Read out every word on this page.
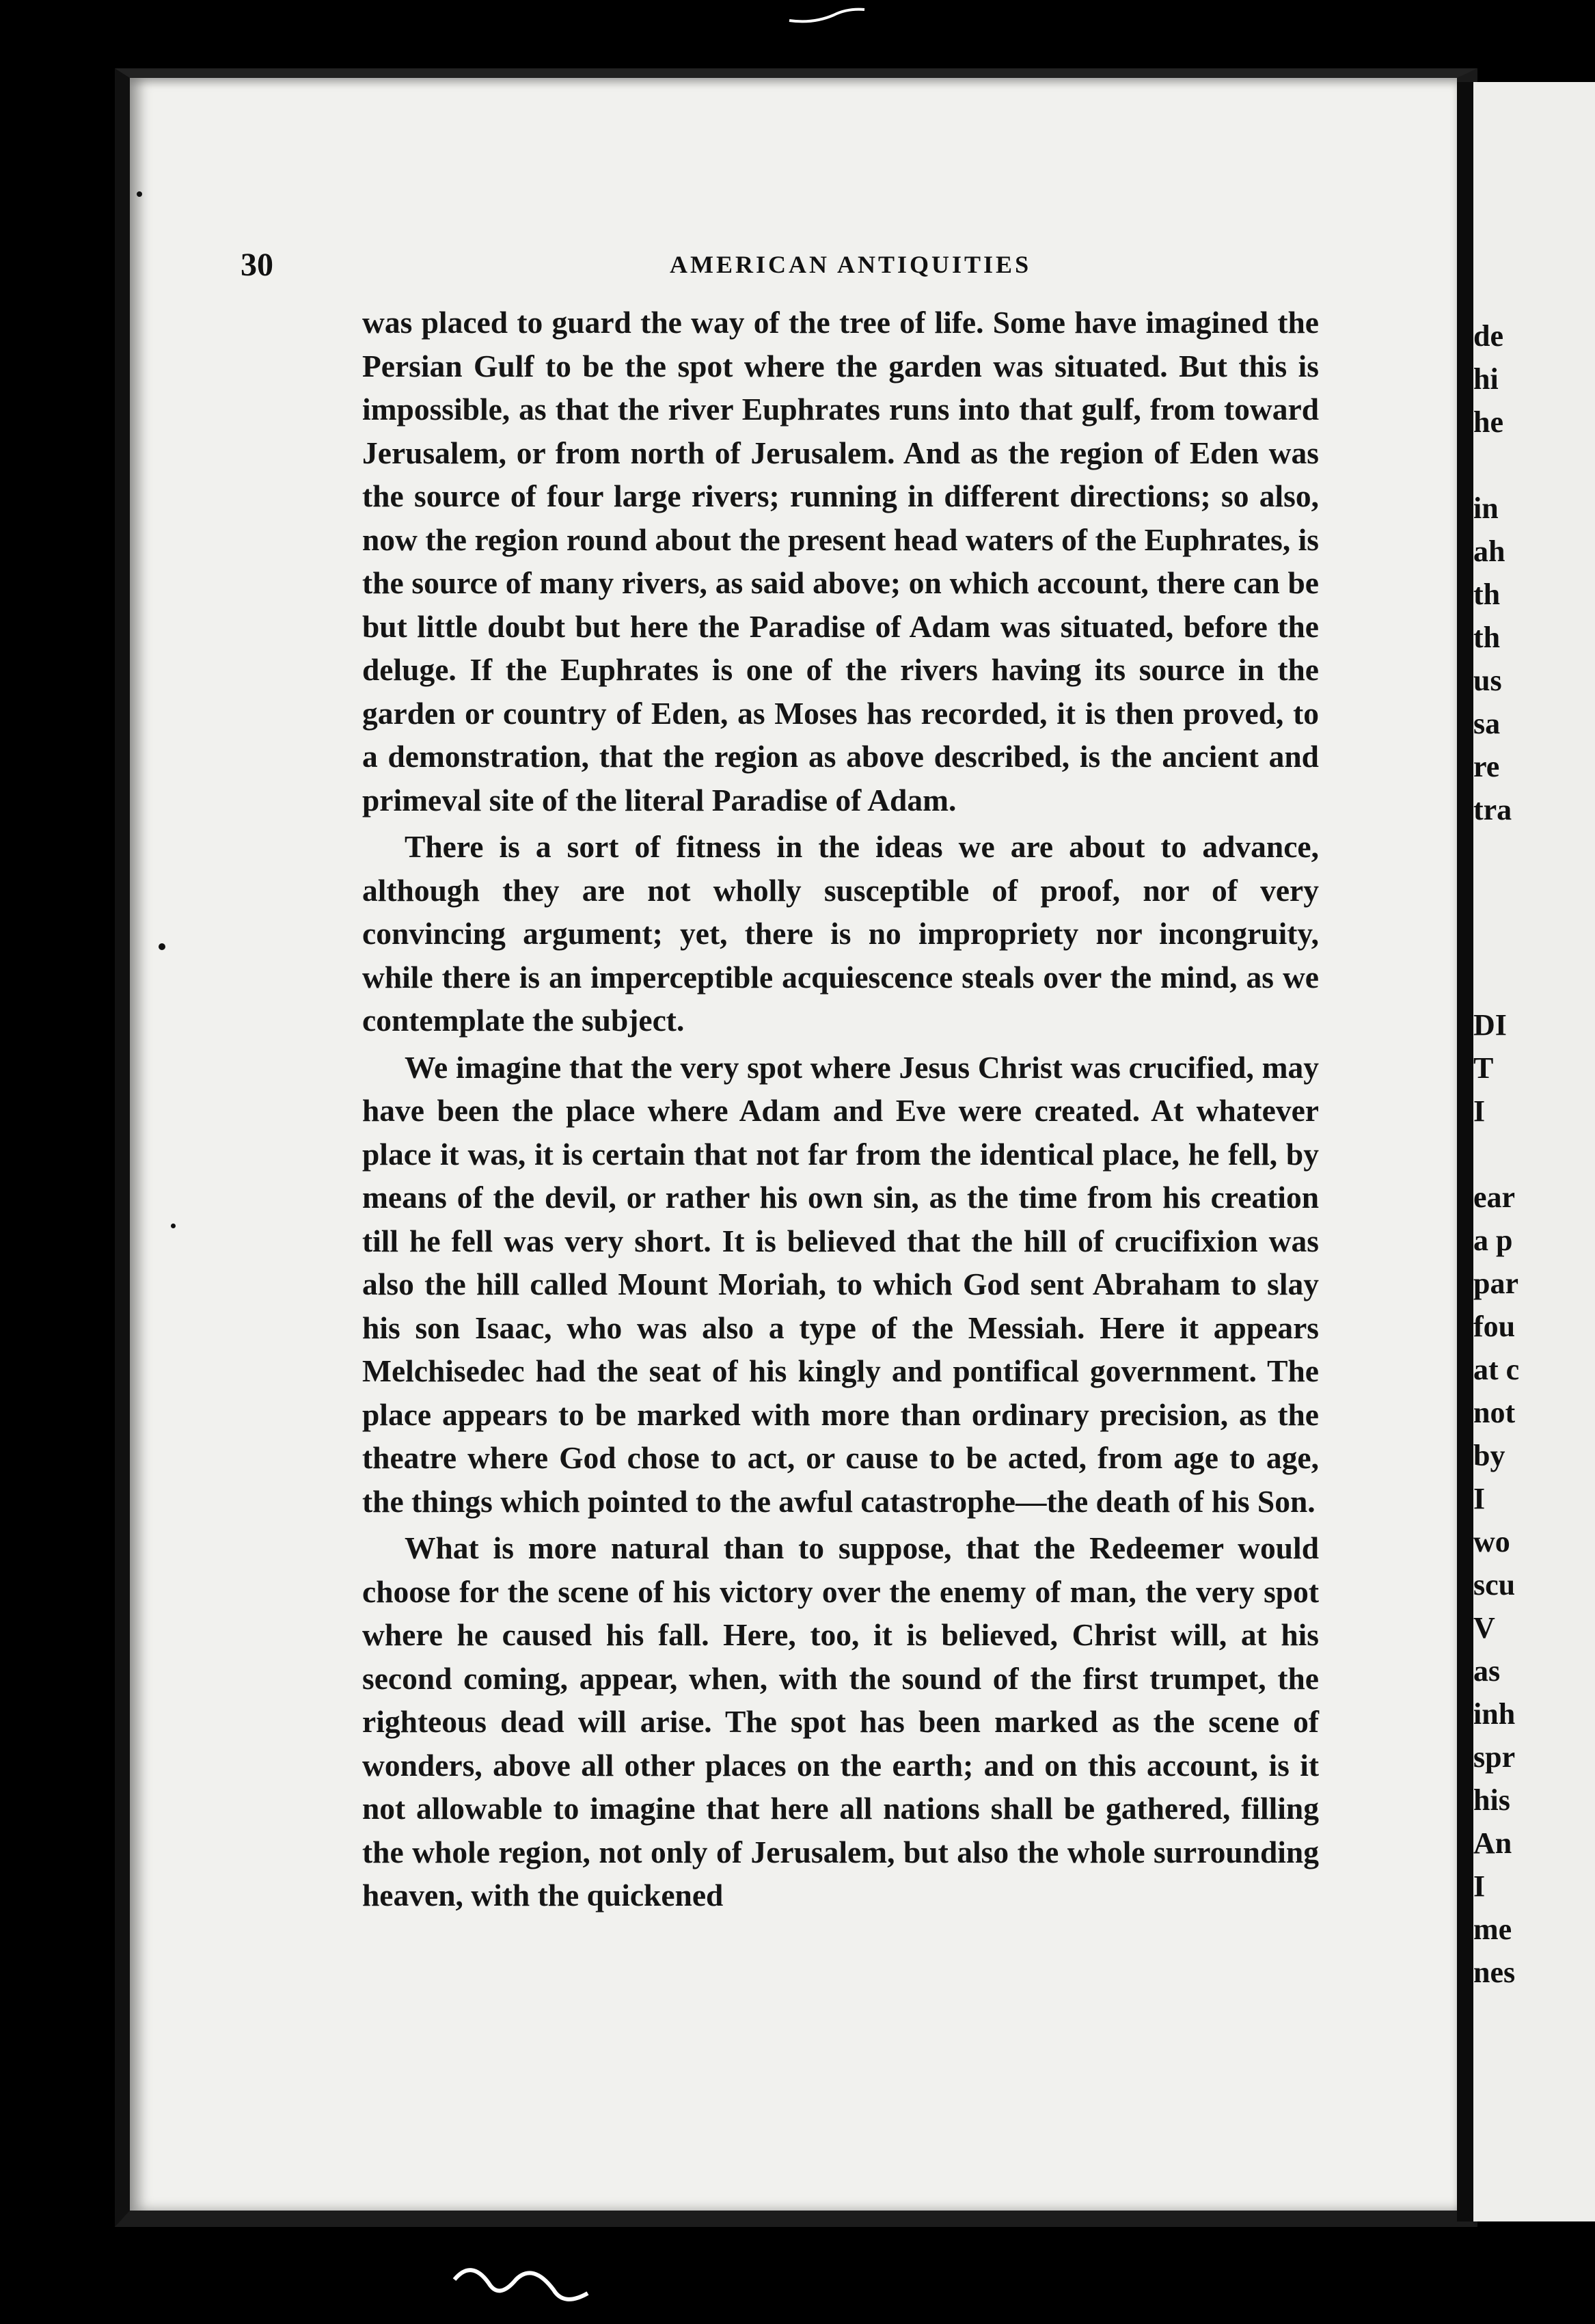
de
hi
he
in
ah
th
th
us
sa
re
tra
DI
T
I
ear
a p
par
fou
at c
not
by
I
wo
scu
V
as
inh
spr
his
An
I
me
nes
30	AMERICAN ANTIQUITIES

was placed to guard the way of the tree of life. Some have imagined the Persian Gulf to be the spot where the garden was situated. But this is impossible, as that the river Euphrates runs into that gulf, from toward Jerusalem, or from north of Jerusalem. And as the region of Eden was the source of four large rivers; running in different directions; so also, now the region round about the present head waters of the Euphrates, is the source of many rivers, as said above; on which account, there can be but little doubt but here the Paradise of Adam was situated, before the deluge. If the Euphrates is one of the rivers having its source in the garden or country of Eden, as Moses has recorded, it is then proved, to a demonstration, that the region as above described, is the ancient and primeval site of the literal Paradise of Adam.

There is a sort of fitness in the ideas we are about to advance, although they are not wholly susceptible of proof, nor of very convincing argument; yet, there is no impropriety nor incongruity, while there is an imperceptible acquiescence steals over the mind, as we contemplate the subject.

We imagine that the very spot where Jesus Christ was crucified, may have been the place where Adam and Eve were created. At whatever place it was, it is certain that not far from the identical place, he fell, by means of the devil, or rather his own sin, as the time from his creation till he fell was very short. It is believed that the hill of crucifixion was also the hill called Mount Moriah, to which God sent Abraham to slay his son Isaac, who was also a type of the Messiah. Here it appears Melchisedec had the seat of his kingly and pontifical government. The place appears to be marked with more than ordinary precision, as the theatre where God chose to act, or cause to be acted, from age to age, the things which pointed to the awful catastrophe—the death of his Son.

What is more natural than to suppose, that the Redeemer would choose for the scene of his victory over the enemy of man, the very spot where he caused his fall. Here, too, it is believed, Christ will, at his second coming, appear, when, with the sound of the first trumpet, the righteous dead will arise. The spot has been marked as the scene of wonders, above all other places on the earth; and on this account, is it not allowable to imagine that here all nations shall be gathered, filling the whole region, not only of Jerusalem, but also the whole surrounding heaven, with the quickened
